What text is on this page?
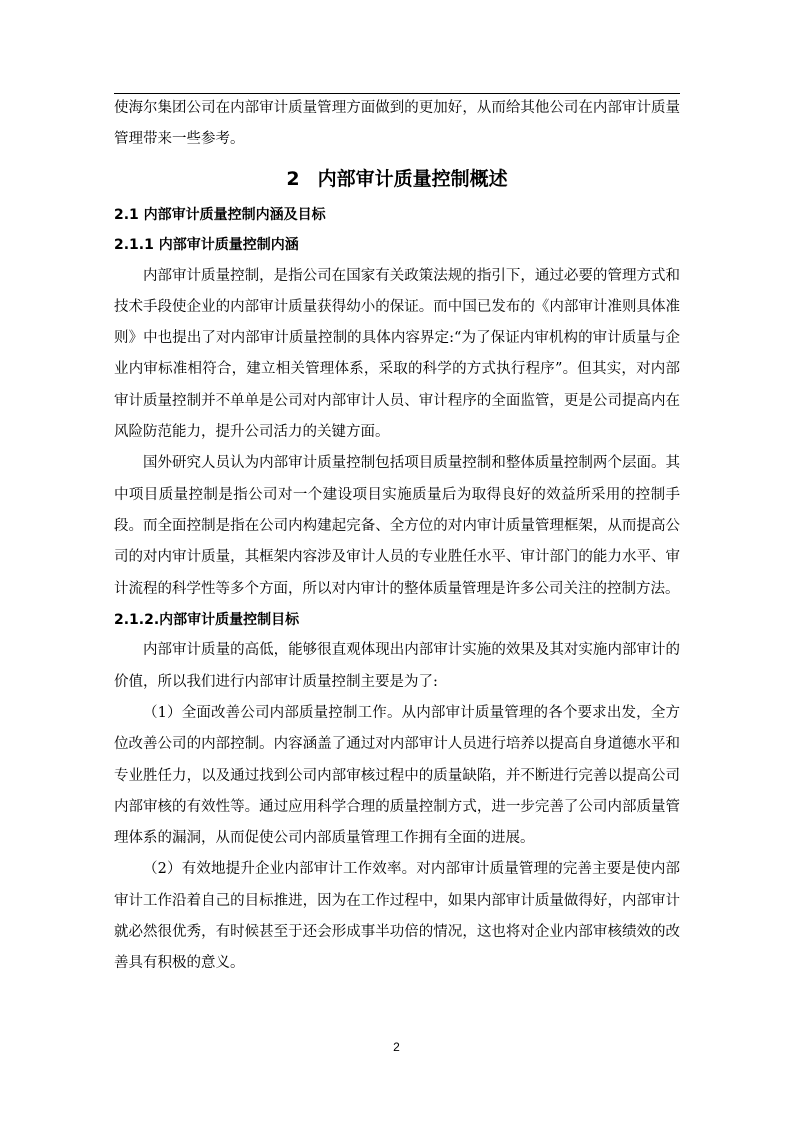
使海尔集团公司在内部审计质量管理方面做到的更加好，从而给其他公司在内部审计质量管理带来一些参考。

2 内部审计质量控制概述
2.1 内部审计质量控制内涵及目标
2.1.1 内部审计质量控制内涵

内部审计质量控制，是指公司在国家有关政策法规的指引下，通过必要的管理方式和技术手段使企业的内部审计质量获得幼小的保证。而中国已发布的《内部审计准则具体准则》中也提出了对内部审计质量控制的具体内容界定:“为了保证内审机构的审计质量与企业内审标准相符合，建立相关管理体系，采取的科学的方式执行程序”。但其实，对内部审计质量控制并不单单是公司对内部审计人员、审计程序的全面监管，更是公司提高内在风险防范能力，提升公司活力的关键方面。

国外研究人员认为内部审计质量控制包括项目质量控制和整体质量控制两个层面。其中项目质量控制是指公司对一个建设项目实施质量后为取得良好的效益所采用的控制手段。而全面控制是指在公司内构建起完备、全方位的对内审计质量管理框架，从而提高公司的对内审计质量，其框架内容涉及审计人员的专业胜任水平、审计部门的能力水平、审计流程的科学性等多个方面，所以对内审计的整体质量管理是许多公司关注的控制方法。

2.1.2.内部审计质量控制目标

内部审计质量的高低，能够很直观体现出内部审计实施的效果及其对实施内部审计的价值，所以我们进行内部审计质量控制主要是为了:

（1）全面改善公司内部质量控制工作。从内部审计质量管理的各个要求出发，全方位改善公司的内部控制。内容涵盖了通过对内部审计人员进行培养以提高自身道德水平和专业胜任力，以及通过找到公司内部审核过程中的质量缺陷，并不断进行完善以提高公司内部审核的有效性等。通过应用科学合理的质量控制方式，进一步完善了公司内部质量管理体系的漏洞，从而促使公司内部质量管理工作拥有全面的进展。

（2）有效地提升企业内部审计工作效率。对内部审计质量管理的完善主要是使内部审计工作沿着自己的目标推进，因为在工作过程中，如果内部审计质量做得好，内部审计就必然很优秀，有时候甚至于还会形成事半功倍的情况，这也将对企业内部审核绩效的改善具有积极的意义。

2
